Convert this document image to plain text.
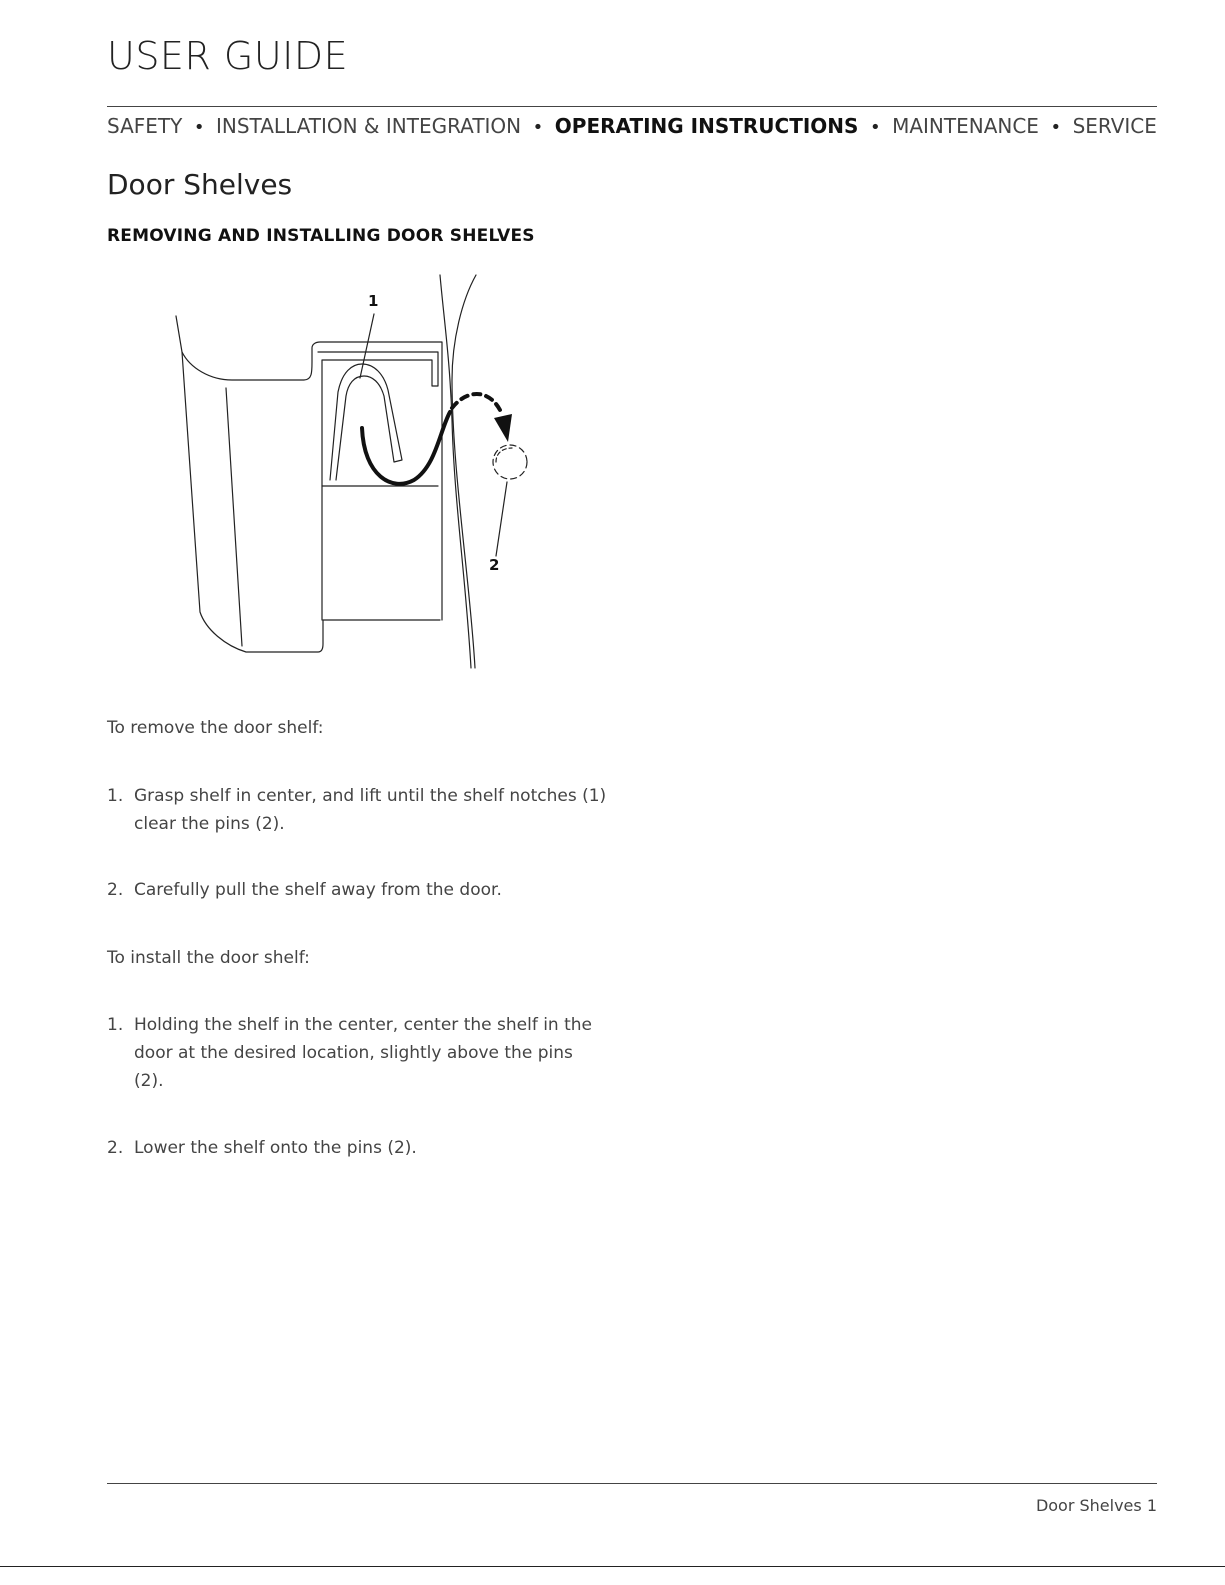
USER GUIDE
SAFETY • INSTALLATION & INTEGRATION • OPERATING INSTRUCTIONS • MAINTENANCE • SERVICE
Door Shelves
REMOVING AND INSTALLING DOOR SHELVES
1
2
To remove the door shelf:
1. Grasp shelf in center, and lift until the shelf notches (1) clear the pins (2).
2. Carefully pull the shelf away from the door.
To install the door shelf:
1. Holding the shelf in the center, center the shelf in the door at the desired location, slightly above the pins (2).
2. Lower the shelf onto the pins (2).
Door Shelves 1
